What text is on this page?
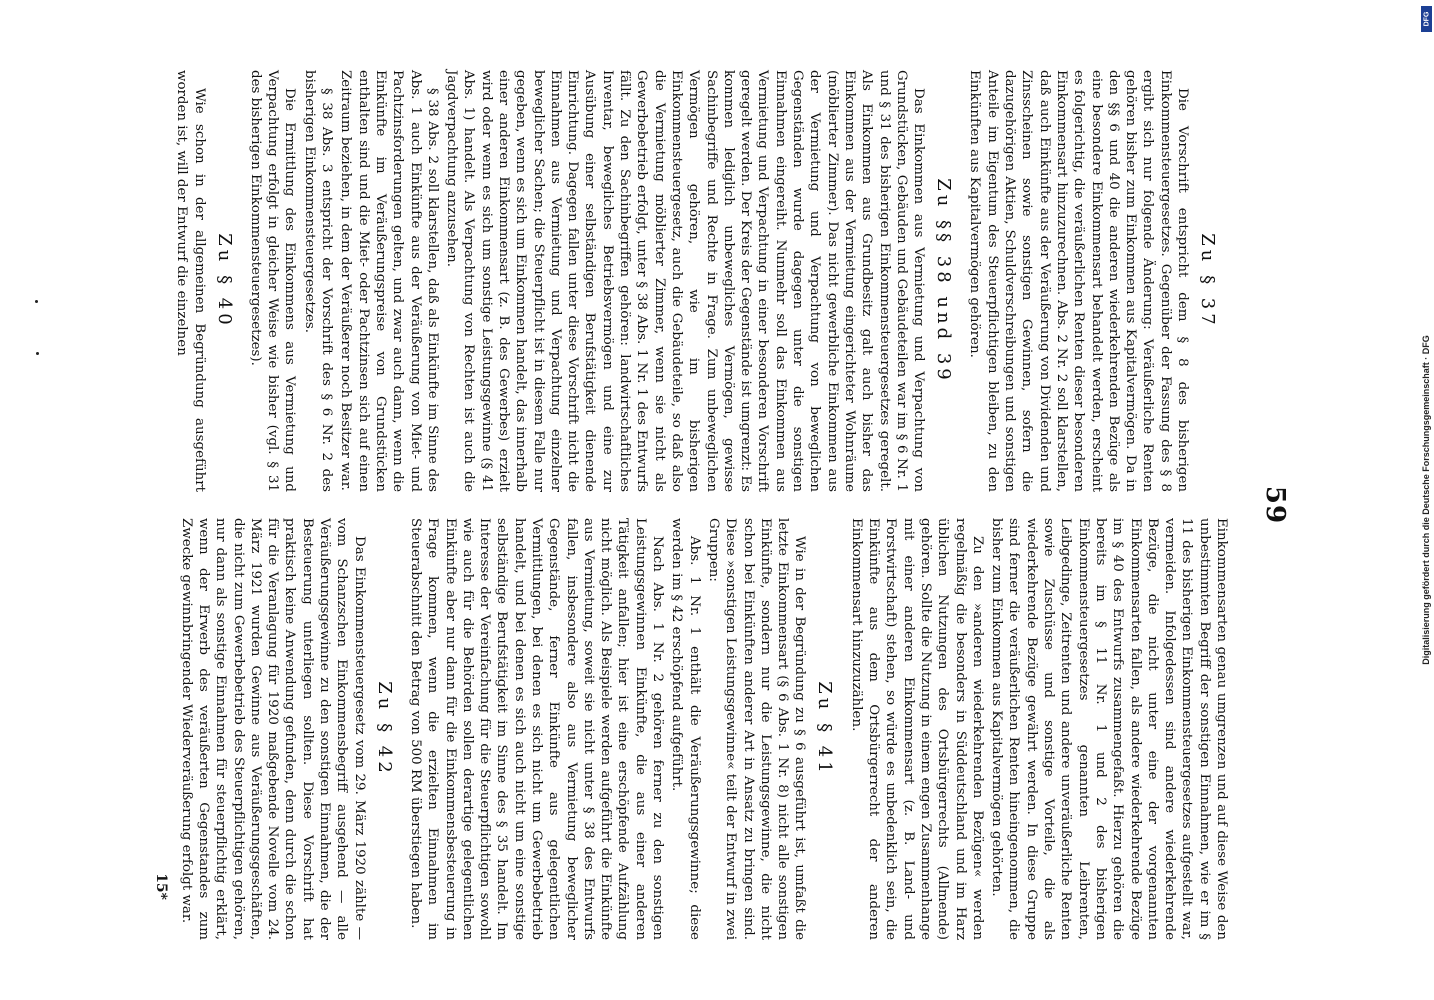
59
Zu § 37

Die Vorschrift entspricht dem § 8 des bisherigen Einkommensteuergesetzes. Gegenüber der Fassung des § 8 ergibt sich nur folgende Änderung: Veräußerliche Renten gehören bisher zum Einkommen aus Kapitalvermögen. Da in den §§ 6 und 40 die anderen wiederkehrenden Bezüge als eine besondere Einkommensart behandelt werden, erscheint es folgerichtig, die veräußerlichen Renten dieser besonderen Einkommensart hinzuzurechnen. Abs. 2 Nr. 2 soll klarstellen, daß auch Einkünfte aus der Veräußerung von Dividenden und Zinsscheinen sowie sonstigen Gewinnen, sofern die dazugehörigen Aktien, Schuldverschreibungen und sonstigen Anteile im Eigentum des Steuerpflichtigen bleiben, zu den Einkünften aus Kapitalvermögen gehören.

Zu §§ 38 und 39

Das Einkommen aus Vermietung und Verpachtung von Grundstücken, Gebäuden und Gebäudeteilen war im § 6 Nr. 1 und § 31 des bisherigen Einkommensteuergesetzes geregelt. Als Einkommen aus Grundbesitz galt auch bisher das Einkommen aus der Vermietung eingerichteter Wohnräume (möblierter Zimmer). Das nicht gewerbliche Einkommen aus der Vermietung und Verpachtung von beweglichen Gegenständen wurde dagegen unter die sonstigen Einnahmen eingereiht. Nunmehr soll das Einkommen aus Vermietung und Verpachtung in einer besonderen Vorschrift geregelt werden. Der Kreis der Gegenstände ist umgrenzt: Es kommen lediglich unbewegliches Vermögen, gewisse Sachinbegriffe und Rechte in Frage. Zum unbeweglichen Vermögen gehören, wie im bisherigen Einkommensteuergesetz, auch die Gebäudeteile, so daß also die Vermietung möblierter Zimmer, wenn sie nicht als Gewerbebetrieb erfolgt, unter § 38 Abs. 1 Nr. 1 des Entwurfs fällt. Zu den Sachinbegriffen gehören: landwirtschaftliches Inventar, bewegliches Betriebsvermögen und eine zur Ausübung einer selbständigen Berufstätigkeit dienende Einrichtung. Dagegen fallen unter diese Vorschrift nicht die Einnahmen aus Vermietung und Verpachtung einzelner beweglicher Sachen; die Steuerpflicht ist in diesem Falle nur gegeben, wenn es sich um Einkommen handelt, das innerhalb einer anderen Einkommensart (z. B. des Gewerbes) erzielt wird oder wenn es sich um sonstige Leistungsgewinne (§ 41 Abs. 1) handelt. Als Verpachtung von Rechten ist auch die Jagdverpachtung anzusehen.

§ 38 Abs. 2 soll klarstellen, daß als Einkünfte im Sinne des Abs. 1 auch Einkünfte aus der Veräußerung von Miet- und Pachtzinsforderungen gelten, und zwar auch dann, wenn die Einkünfte im Veräußerungspreise von Grundstücken enthalten sind und die Miet- oder Pachtzinsen sich auf einen Zeitraum beziehen, in dem der Veräußerer noch Besitzer war.

§ 38 Abs. 3 entspricht der Vorschrift des § 6 Nr. 2 des bisherigen Einkommensteuergesetzes.

Die Ermittlung des Einkommens aus Vermietung und Verpachtung erfolgt in gleicher Weise wie bisher (vgl. § 31 des bisherigen Einkommensteuergesetzes).

Zu § 40

Wie schon in der allgemeinen Begründung ausgeführt worden ist, will der Entwurf die einzelnen

Einkommensarten genau umgrenzen und auf diese Weise den unbestimmten Begriff der sonstigen Einnahmen, wie er im § 11 des bisherigen Einkommensteuergesetzes aufgestellt war, vermeiden. Infolgedessen sind andere wiederkehrende Bezüge, die nicht unter eine der vorgenannten Einkommensarten fallen, als andere wiederkehrende Bezüge im § 40 des Entwurfs zusammengefaßt. Hierzu gehören die bereits im § 11 Nr. 1 und 2 des bisherigen Einkommensteuergesetzes genannten Leibrenten, Leibgedinge, Zeitrenten und andere unveräußerliche Renten sowie Zuschüsse und sonstige Vorteile, die als wiederkehrende Bezüge gewährt werden. In diese Gruppe sind ferner die veräußerlichen Renten hineingenommen, die bisher zum Einkommen aus Kapitalvermögen gehörten.

Zu den »anderen wiederkehrenden Bezügen« werden regelmäßig die besonders in Süddeutschland und im Harz üblichen Nutzungen des Ortsbürgerrechts (Allmende) gehören. Sollte die Nutzung in einem engen Zusammenhange mit einer anderen Einkommensart (z. B. Land- und Forstwirtschaft) stehen, so würde es unbedenklich sein, die Einkünfte aus dem Ortsbürgerrecht der anderen Einkommensart hinzuzuzählen.

Zu § 41

Wie in der Begründung zu § 6 ausgeführt ist, umfaßt die letzte Einkommensart (§ 6 Abs. 1 Nr. 8) nicht alle sonstigen Einkünfte, sondern nur die Leistungsgewinne, die nicht schon bei Einkünften anderer Art in Ansatz zu bringen sind. Diese »sonstigen Leistungsgewinne« teilt der Entwurf in zwei Gruppen:

Abs. 1 Nr. 1 enthält die Veräußerungsgewinne; diese werden im § 42 erschöpfend aufgeführt.

Nach Abs. 1 Nr. 2 gehören ferner zu den sonstigen Leistungsgewinnen Einkünfte, die aus einer anderen Tätigkeit anfallen; hier ist eine erschöpfende Aufzählung nicht möglich. Als Beispiele werden aufgeführt die Einkünfte aus Vermietung, soweit sie nicht unter § 38 des Entwurfs fallen, insbesondere also aus Vermietung beweglicher Gegenstände, ferner Einkünfte aus gelegentlichen Vermittlungen, bei denen es sich nicht um Gewerbebetrieb handelt, und bei denen es sich auch nicht um eine sonstige selbständige Berufstätigkeit im Sinne des § 35 handelt. Im Interesse der Vereinfachung für die Steuerpflichtigen sowohl wie auch für die Behörden sollen derartige gelegentlichen Einkünfte aber nur dann für die Einkommensbesteuerung in Frage kommen, wenn die erzielten Einnahmen im Steuerabschnitt den Betrag von 500 RM überstiegen haben.

Zu § 42

Das Einkommensteuergesetz vom 29. März 1920 zählte — vom Schanzschen Einkommensbegriff ausgehend — alle Veräußerungsgewinne zu den sonstigen Einnahmen, die der Besteuerung unterliegen sollten. Diese Vorschrift hat praktisch keine Anwendung gefunden, denn durch die schon für die Veranlagung für 1920 maßgebende Novelle vom 24. März 1921 wurden Gewinne aus Veräußerungsgeschäften, die nicht zum Gewerbebetrieb des Steuerpflichtigen gehören, nur dann als sonstige Einnahmen für steuerpflichtig erklärt, wenn der Erwerb des veräußerten Gegenstandes zum Zwecke gewinnbringender Wiederveräußerung erfolgt war.

15*
DFG
Digitalisierung gefördert durch die Deutsche Forschungsgemeinschaft · DFG
